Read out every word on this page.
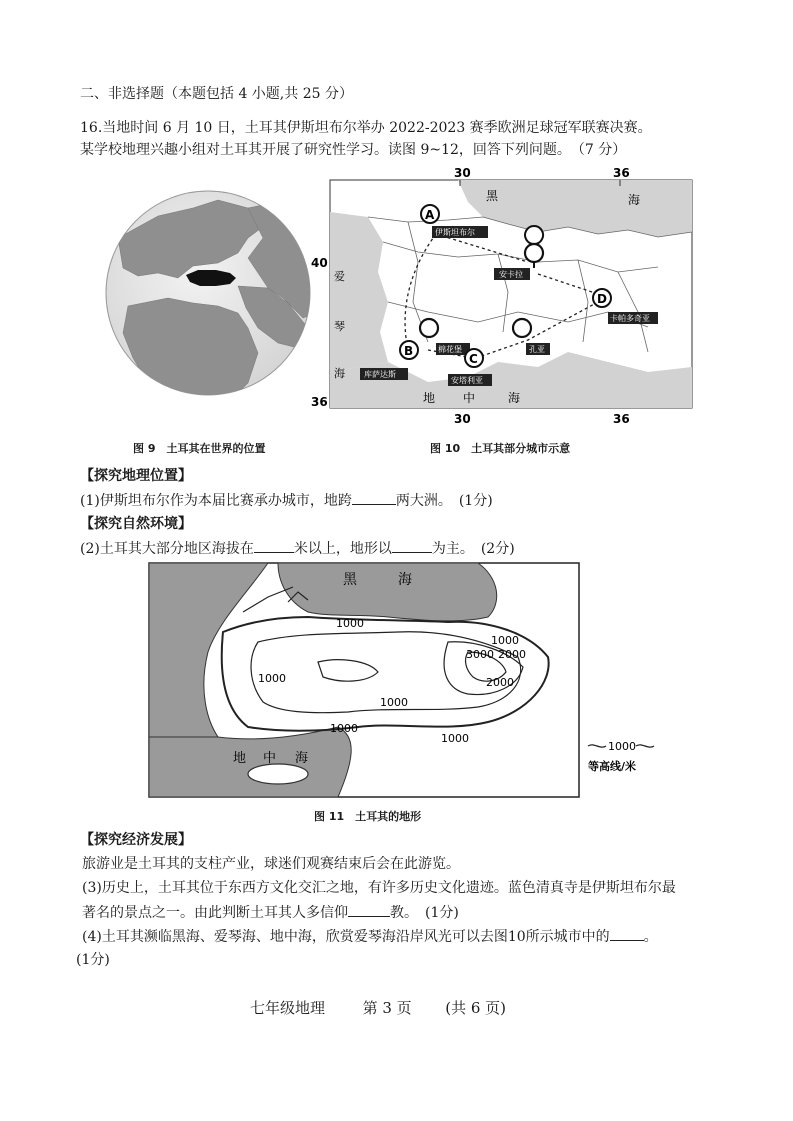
二、非选择题（本题包括 4 小题,共 25 分）
16.当地时间 6 月 10 日，土耳其伊斯坦布尔举办 2022-2023 赛季欧洲足球冠军联赛决赛。
某学校地理兴趣小组对土耳其开展了研究性学习。读图 9~12，回答下列问题。　（7 分）
图 9　土耳其在世界的位置
30	36
30	36
40
36
黑	海
爱
琴
海
地 中	海
A
伊斯坦布尔
安卡拉
D
卡帕多奇亚
棉花堡	孔亚
B
库萨达斯
C
安塔利亚
图 10　土耳其部分城市示意
【探究地理位置】
(1)伊斯坦布尔作为本届比赛承办城市，地跨	两大洲。　(1分)
【探究自然环境】
(2)土耳其大部分地区海拔在	米以上，地形以	为主。　(2分)
1000
1000
1000
1000
1000
3000 2000
2000
1000
黑	海
地 中 海
1000
等高线/米
图 11　土耳其的地形
【探究经济发展】
旅游业是土耳其的支柱产业，球迷们观赛结束后会在此游览。
(3)历史上，土耳其位于东西方文化交汇之地，有许多历史文化遗迹。蓝色清真寺是伊斯坦布尔最
著名的景点之一。由此判断土耳其人多信仰	教。　(1分)
(4)土耳其濒临黑海、爱琴海、地中海，欣赏爱琴海沿岸风光可以去图10所示城市中的 。
(1分)
七年级地理	第 3 页 (共 6 页)
